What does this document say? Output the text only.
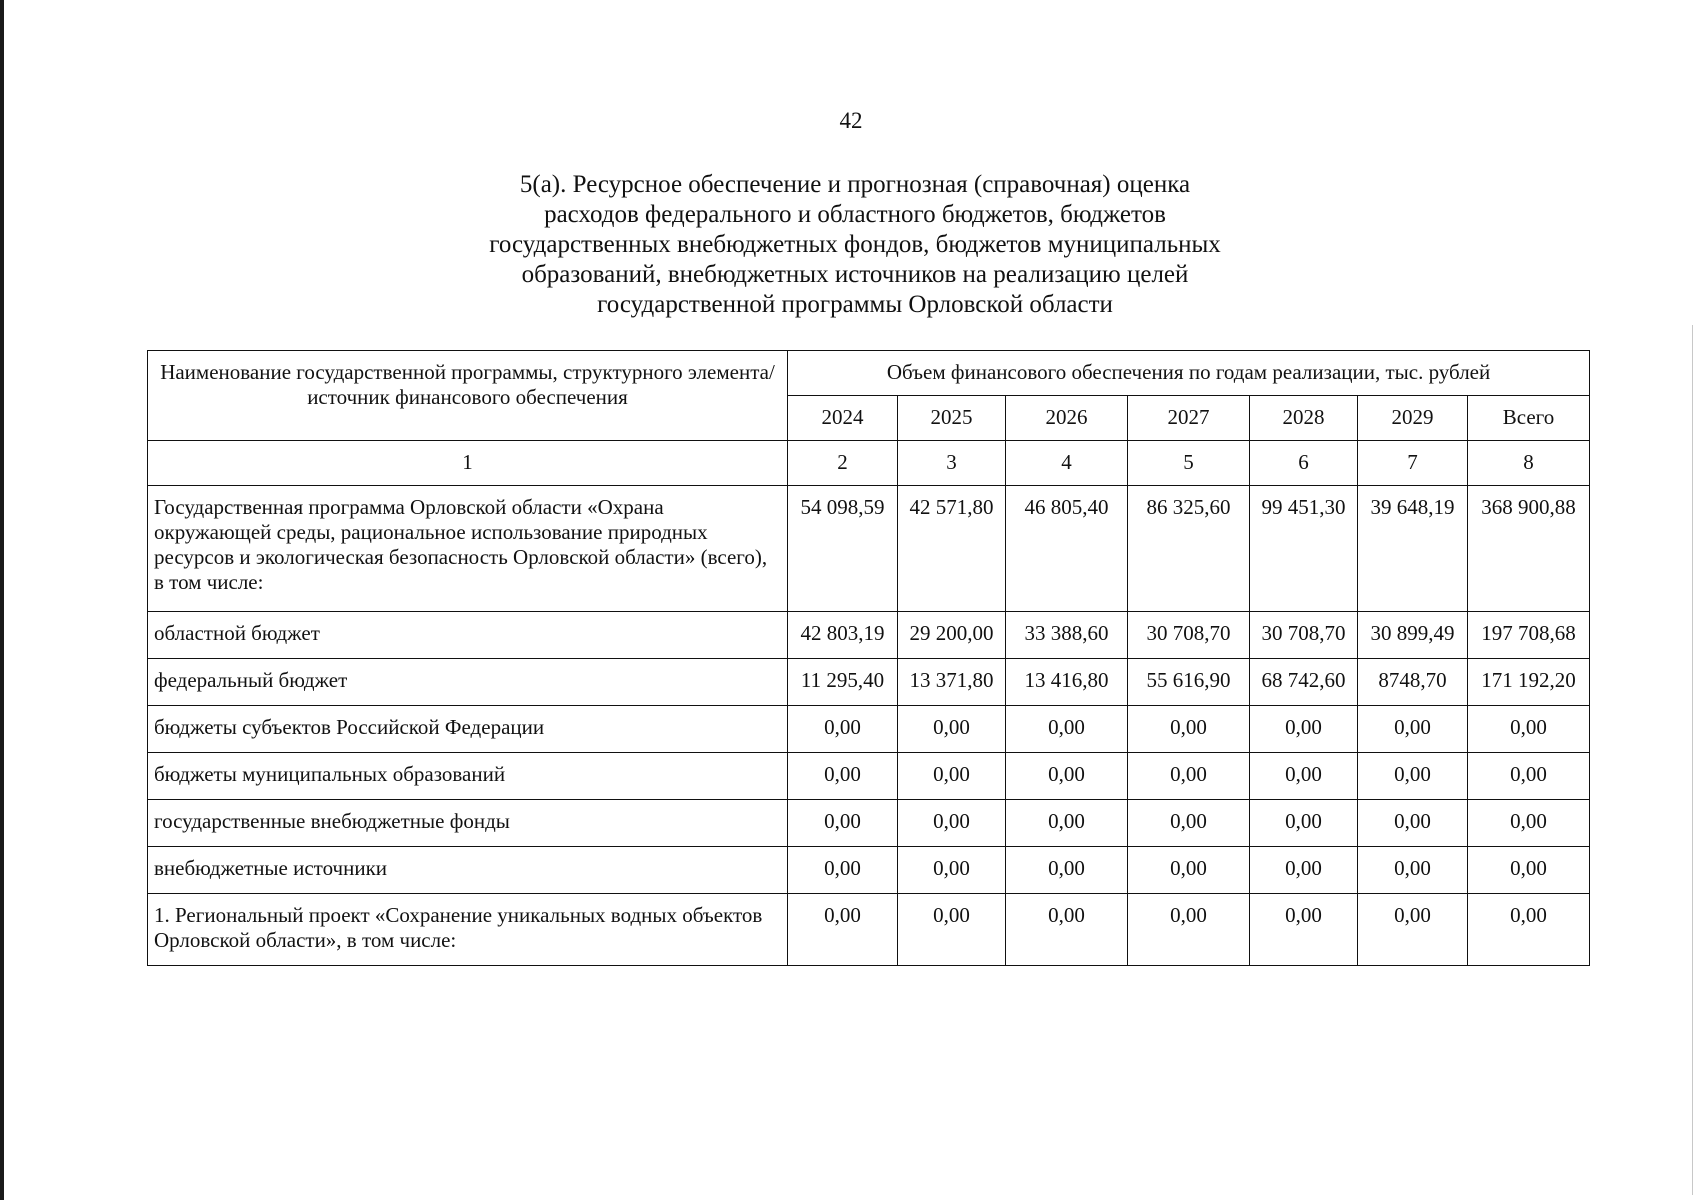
42
5(а). Ресурсное обеспечение и прогнозная (справочная) оценка
расходов федерального и областного бюджетов, бюджетов
государственных внебюджетных фондов, бюджетов муниципальных
образований, внебюджетных источников на реализацию целей
государственной программы Орловской области
Наименование государственной программы, структурного элемента/источник финансового обеспечения	Объем финансового обеспечения по годам реализации, тыс. рублей						
	2024	2025	2026	2027	2028	2029	Всего
1	2	3	4	5	6	7	8
Государственная программа Орловской области «Охрана окружающей среды, рациональное использование природных ресурсов и экологическая безопасность Орловской области» (всего), в том числе:	54 098,59	42 571,80	46 805,40	86 325,60	99 451,30	39 648,19	368 900,88
областной бюджет	42 803,19	29 200,00	33 388,60	30 708,70	30 708,70	30 899,49	197 708,68
федеральный бюджет	11 295,40	13 371,80	13 416,80	55 616,90	68 742,60	8748,70	171 192,20
бюджеты субъектов Российской Федерации	0,00	0,00	0,00	0,00	0,00	0,00	0,00
бюджеты муниципальных образований	0,00	0,00	0,00	0,00	0,00	0,00	0,00
государственные внебюджетные фонды	0,00	0,00	0,00	0,00	0,00	0,00	0,00
внебюджетные источники	0,00	0,00	0,00	0,00	0,00	0,00	0,00
1. Региональный проект «Сохранение уникальных водных объектов Орловской области», в том числе:	0,00	0,00	0,00	0,00	0,00	0,00	0,00
